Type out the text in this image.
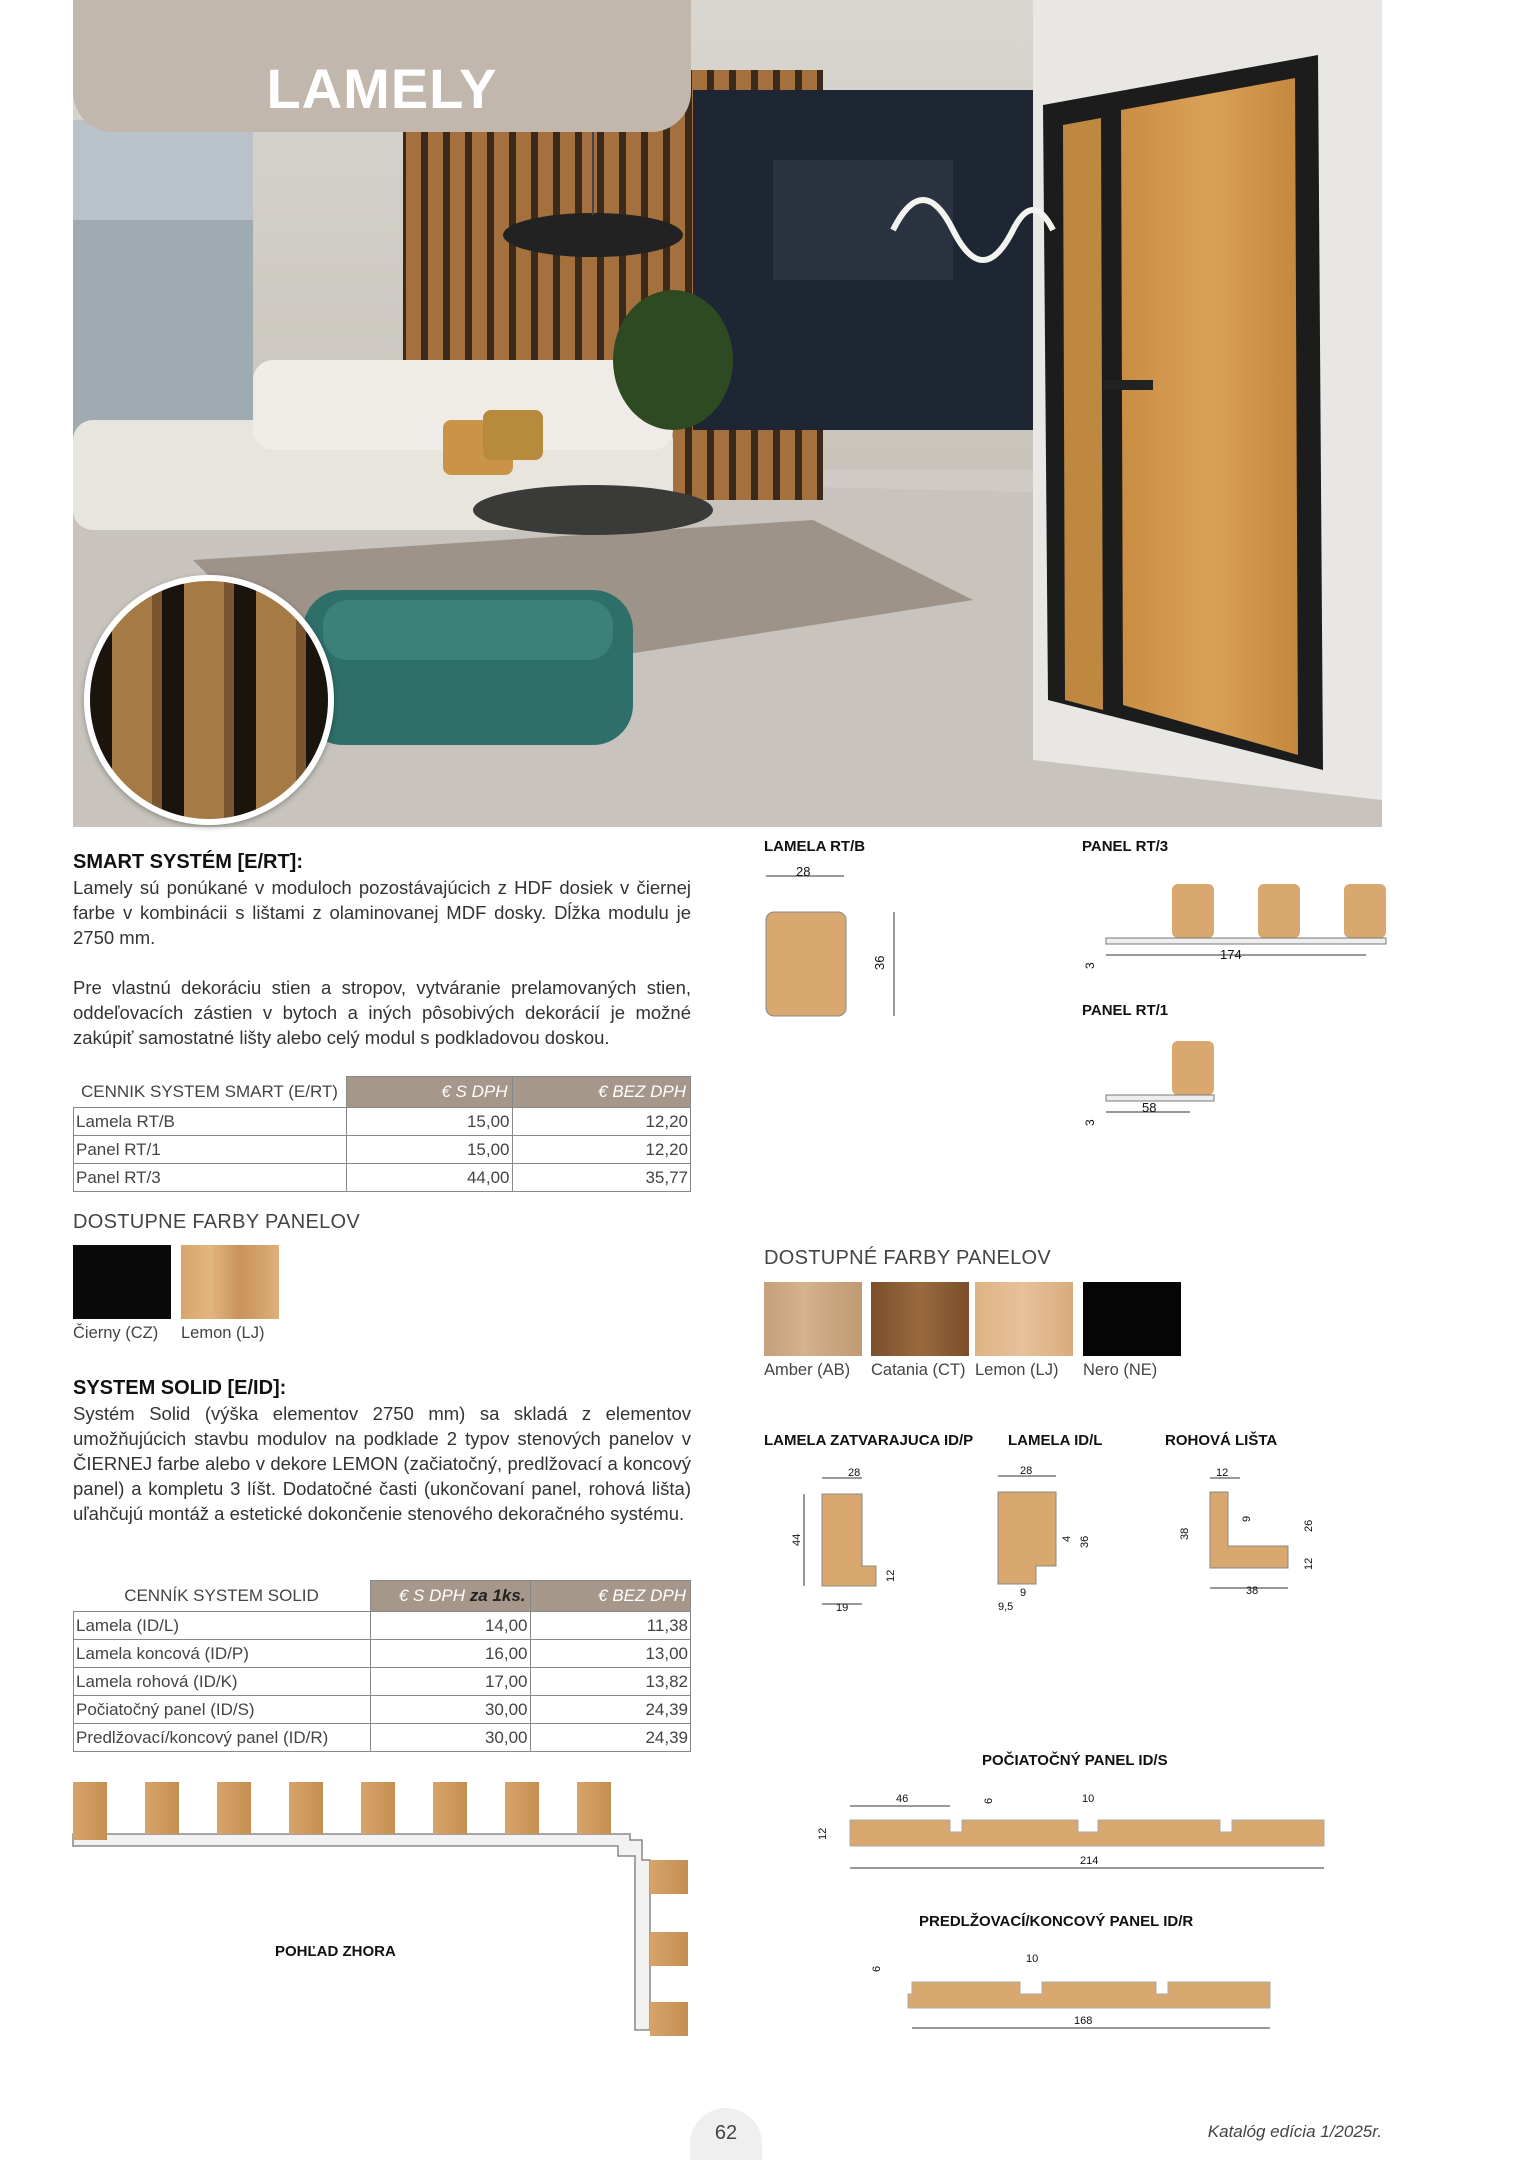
LAMELY
SMART SYSTÉM [E/RT]:
Lamely sú ponúkané v moduloch pozostávajúcich z HDF dosiek v čiernej farbe v kombinácii s lištami z olaminovanej MDF dosky. Dĺžka modulu je 2750 mm.
Pre vlastnú dekoráciu stien a stropov, vytváranie prelamovaných stien, oddeľovacích zástien v bytoch a iných pôsobivých dekorácií je možné zakúpiť samostatné lišty alebo celý modul s podkladovou doskou.
CENNIK SYSTEM SMART (E/RT)	€ S DPH	€ BEZ DPH
Lamela RT/B	15,00	12,20
Panel RT/1	15,00	12,20
Panel RT/3	44,00	35,77
DOSTUPNE FARBY PANELOV
Čierny (CZ) Lemon (LJ)
SYSTEM SOLID [E/ID]:
Systém Solid (výška elementov 2750 mm) sa skladá z elementov umožňujúcich stavbu modulov na podklade 2 typov stenových panelov v ČIERNEJ farbe alebo v dekore LEMON (začiatočný, predlžovací a koncový panel) a kompletu 3 líšt. Dodatočné časti (ukončovaní panel, rohová lišta) uľahčujú montáž a estetické dokončenie stenového dekoračného systému.
CENNÍK SYSTEM SOLID	€ S DPH za 1ks.	€ BEZ DPH
Lamela (ID/L)	14,00	11,38
Lamela koncová (ID/P)	16,00	13,00
Lamela rohová (ID/K)	17,00	13,82
Počiatočný panel (ID/S)	30,00	24,39
Predlžovací/koncový panel (ID/R)	30,00	24,39
POHĽAD ZHORA
LAMELA RT/B
28
36
PANEL RT/3
174
3
PANEL RT/1
58
3
DOSTUPNÉ FARBY PANELOV
Amber (AB) Catania (CT) Lemon (LJ) Nero (NE)
LAMELA ZATVARAJUCA ID/P
28
44
12
19
LAMELA ID/L
28
4 36
9
9,5
ROHOVÁ LIŠTA
12
9
38
26
12
38
POČIATOČNÝ PANEL ID/S
46	6	10
12
214
PREDLŽOVACÍ/KONCOVÝ PANEL ID/R
10
6
168
62	Katalóg edícia 1/2025r.
